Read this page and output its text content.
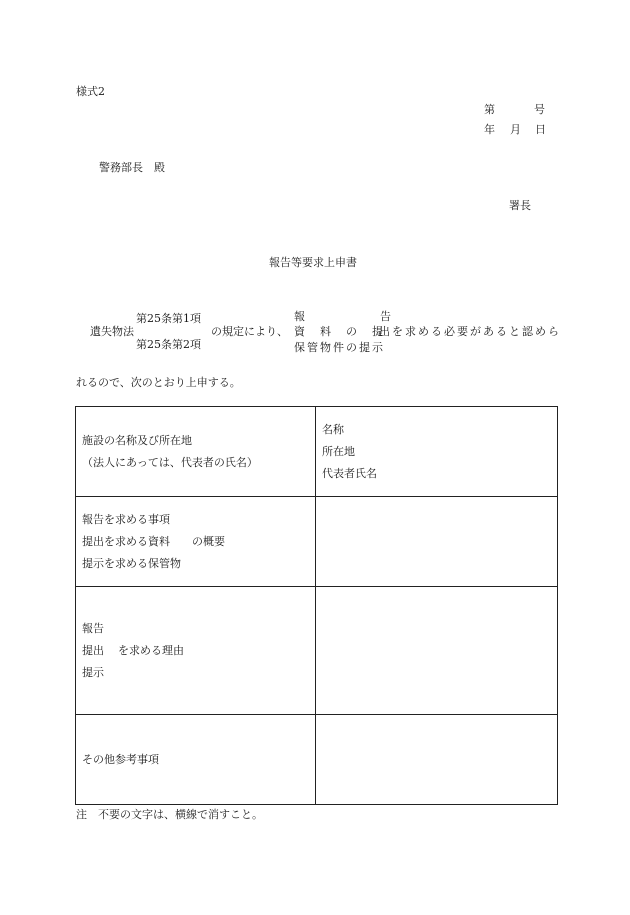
様式2
第	号
年 月 日
警務部長　殿
署長
報告等要求上申書
遺失物法
第25条第1項
第25条第2項
の規定により、
報	告
資　料　の　提
保管物件の提示
出を求める必要があると認めら
れるので、次のとおり上申する。
施設の名称及び所在地
（法人にあっては、代表者の氏名）	名称
所在地
代表者氏名

報告を求める事項
提出を求める資料 の概要
提示を求める保管物	

報告
提出 を求める理由
提示	

その他参考事項	

注　不要の文字は、横線で消すこと。
